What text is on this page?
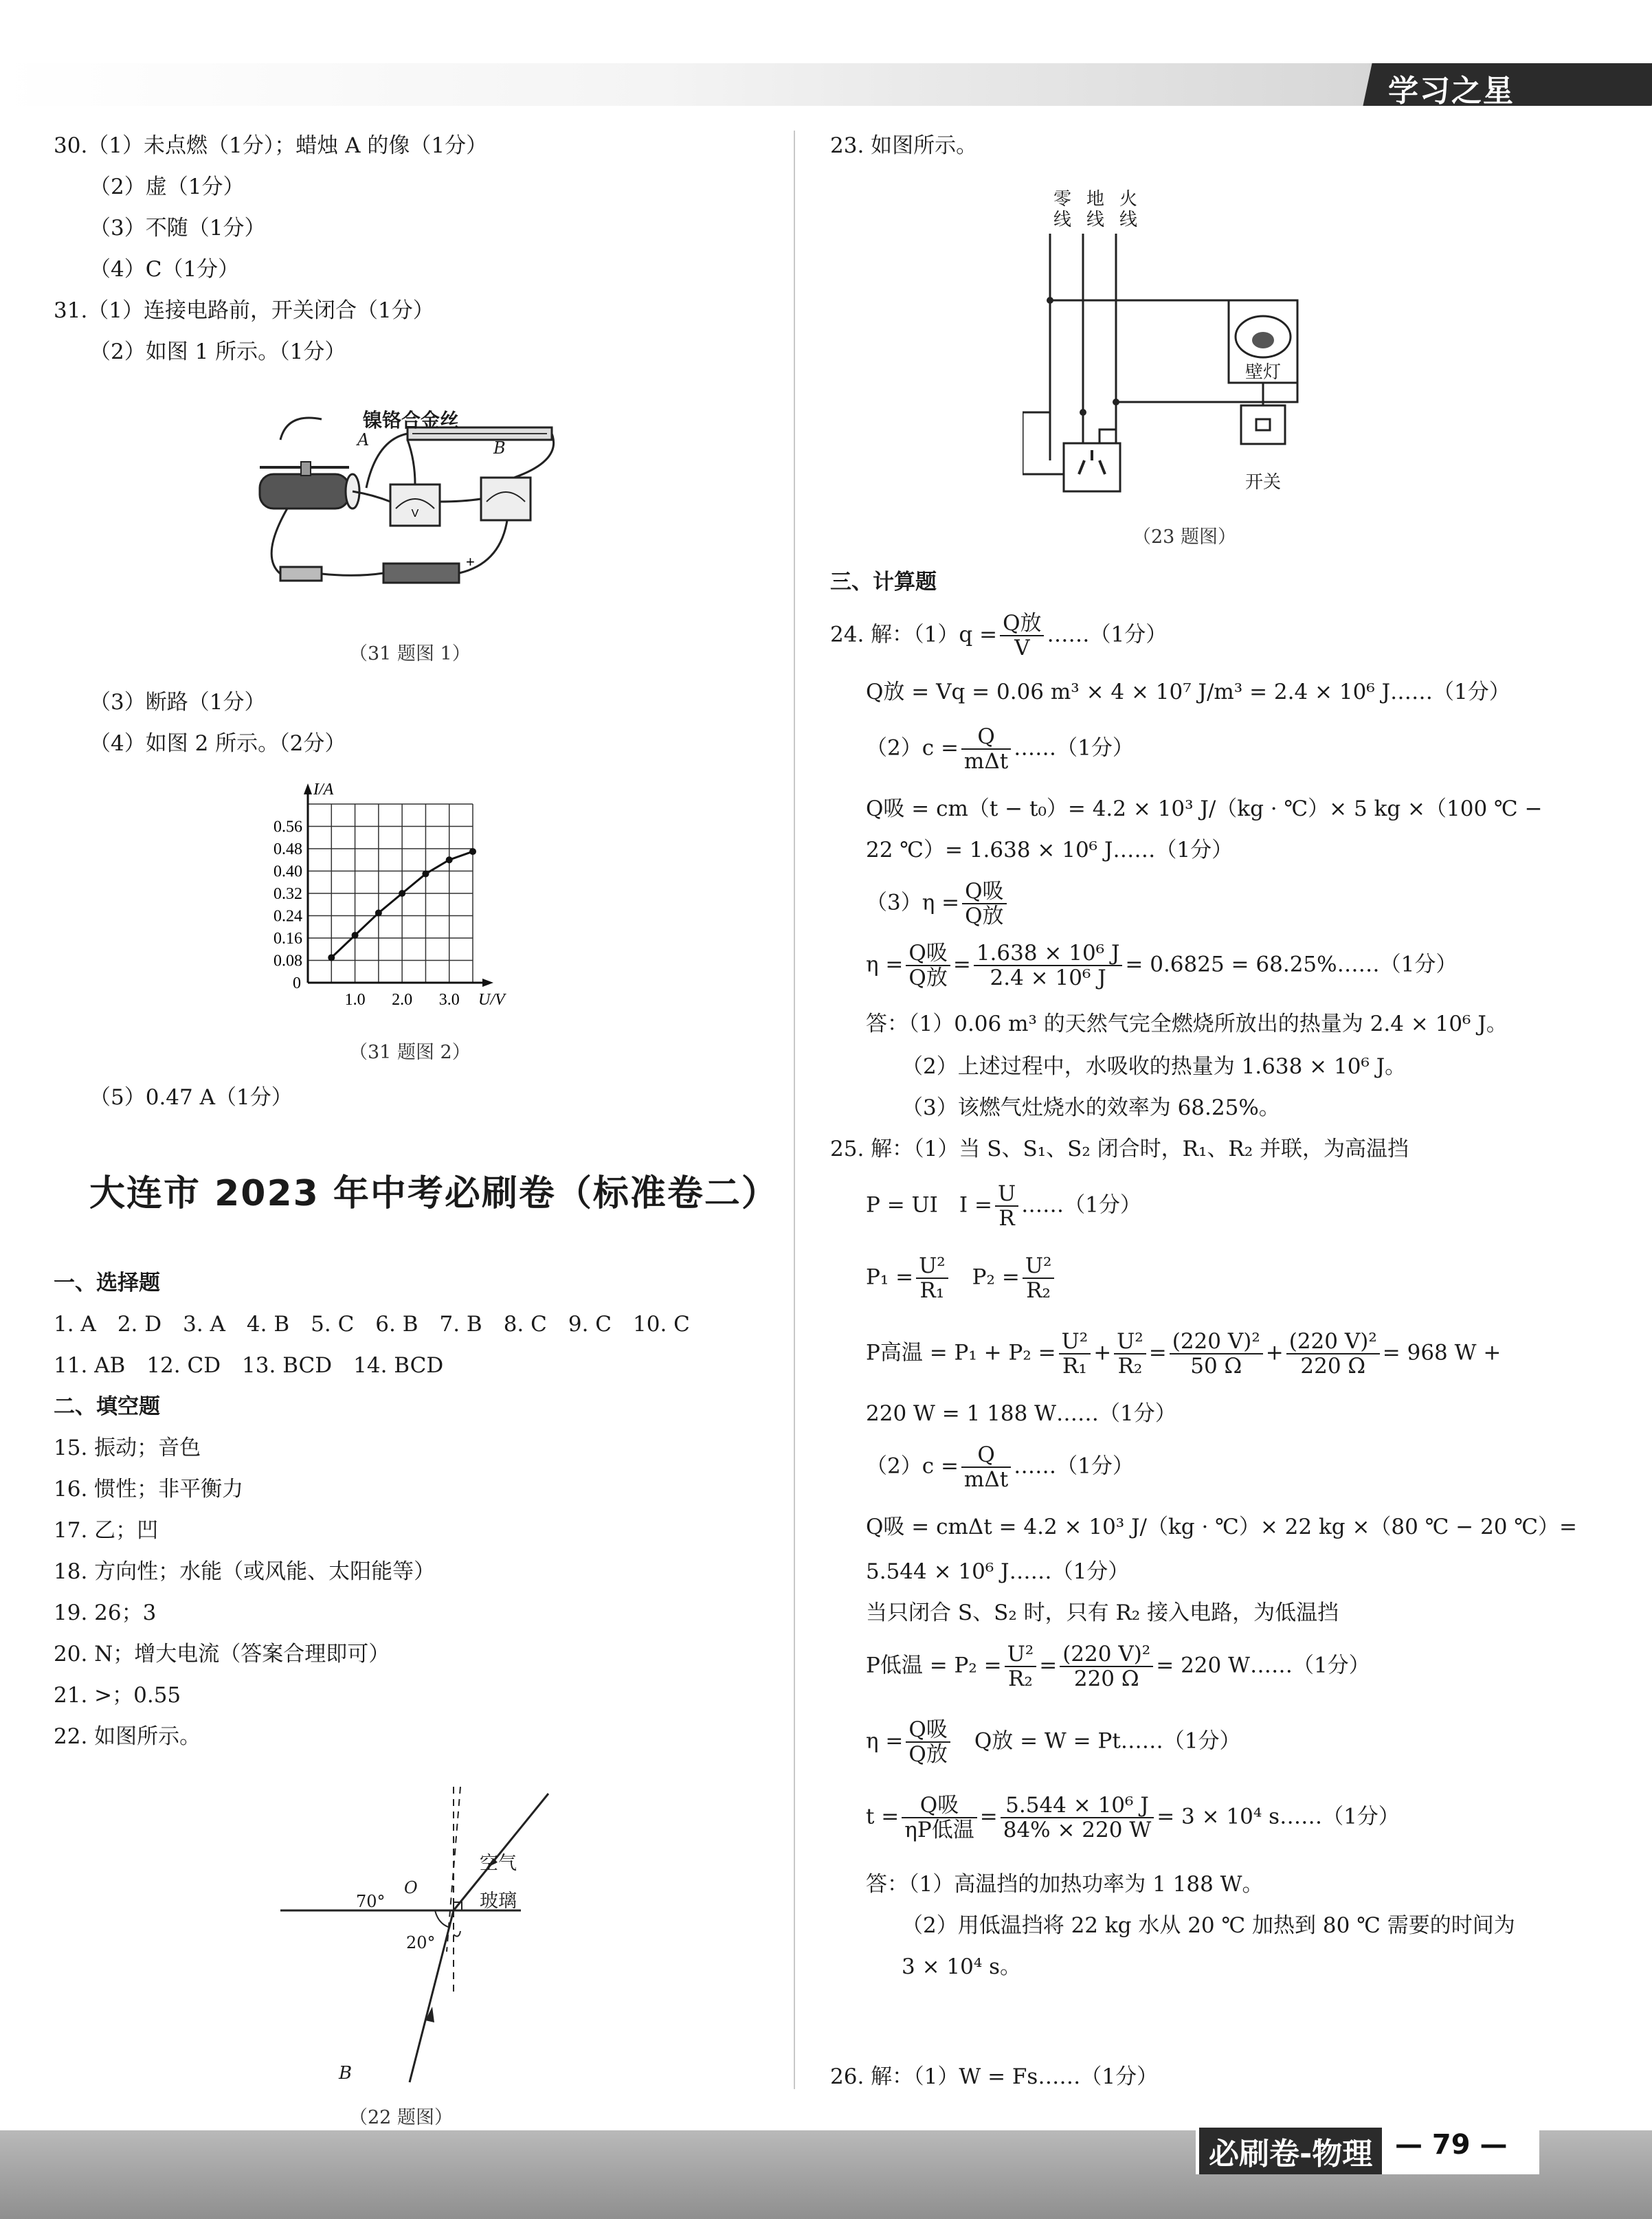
学习之星
30.（1）未点燃（1分）；蜡烛 A 的像（1分）
（2）虚（1分）
（3）不随（1分）
（4）C（1分）
31.（1）连接电路前，开关闭合（1分）
（2）如图 1 所示。（1分）
V
+
镍铬合金丝
A	B
（31 题图 1）
（3）断路（1分）
（4）如图 2 所示。（2分）
0.08
0.16
0.24
0.32
0.40
0.48
0.56
1.0 2.0 3.0
0
I/A
U/V
（31 题图 2）
（5）0.47 A（1分）
大连市 2023 年中考必刷卷（标准卷二）
一、选择题
1. A　2. D　3. A　4. B　5. C　6. B　7. B　8. C　9. C　10. C
11. AB　12. CD　13. BCD　14. BCD
二、填空题
15. 振动；音色
16. 惯性；非平衡力
17. 乙；凹
18. 方向性；水能（或风能、太阳能等）
19. 26；3
20. N；增大电流（答案合理即可）
21. >；0.55
22. 如图所示。
空气
玻璃
70°
20°
O
B
（22 题图）
23. 如图所示。
零线
地线
火线
壁灯
开关
（23 题图）
三、计算题
24. 解：$(1)q = \frac{\text{Q放}}{V}$ ……（1分）
Q放 = Vq = 0.06 m³ × 4 × 10⁷ J/m³ = 2.4 × 10⁶ J……（1分）
$(2)c = \frac{Q}{\text{mΔt}}$ ……（1分）
Q吸 = cm（t − t₀）= 4.2 × 10³ J/（kg · ℃）× 5 kg ×（100 ℃ −
22 ℃）= 1.638 × 10⁶ J……（1分）
$(3)\eta = \frac{\text{Q吸}}{\text{Q放}}$
$\eta = \frac{\text{Q吸}}{\text{Q放}} = \frac{\text{1.638 × 10⁶ J}}{\text{2.4 × 10⁶ J}} = 0.6825$ = 68.25%……（1分）
答：（1）0.06 m³ 的天然气完全燃烧所放出的热量为 2.4 × 10⁶ J。
（2）上述过程中，水吸收的热量为 1.638 × 10⁶ J。
（3）该燃气灶烧水的效率为 68.25%。
25. 解：（1）当 S、S₁、S₂ 闭合时，R₁、R₂ 并联，为高温挡
P = UI　$I = \frac{U}{R}$ ……（1分）
$P_1 = \frac{\text{U²}}{\text{R₁}}$ 　$P_2 = \frac{\text{U²}}{\text{R₂}}$
P高温 = $P_1 + P_2 = \frac{\text{U²}}{\text{R₁}} + \frac{\text{U²}}{\text{R₂}} = \frac{\text{(220 V)²}}{50 \Omega} + \frac{\text{(220 V)²}}{220 \Omega} = 968$ W +
220 W = 1 188 W……（1分）
$(2)c = \frac{Q}{\text{mΔt}}$ ……（1分）
Q吸 = cmΔt = 4.2 × 10³ J/（kg · ℃）× 22 kg ×（80 ℃ − 20 ℃）=
5.544 × 10⁶ J……（1分）
当只闭合 S、S₂ 时，只有 R₂ 接入电路，为低温挡
P低温 = $P_2 = \frac{\text{U²}}{\text{R₂}} = \frac{\text{(220 V)²}}{220 \Omega} = 220$ W……（1分）
$\eta = \frac{\text{Q吸}}{\text{Q放}}$ 　Q放 = W = Pt……（1分）
$t = \frac{\text{Q吸}}{\text{ηP低温}} = \frac{\text{5.544 × 10⁶ J}}{84\% \times 220 W} = 3 \times 10^4$ s……（1分）
答：（1）高温挡的加热功率为 1 188 W。
（2）用低温挡将 22 kg 水从 20 ℃ 加热到 80 ℃ 需要的时间为
3 × 10⁴ s。
26. 解：（1）W = Fs……（1分）
必刷卷-物理 — 79 —
